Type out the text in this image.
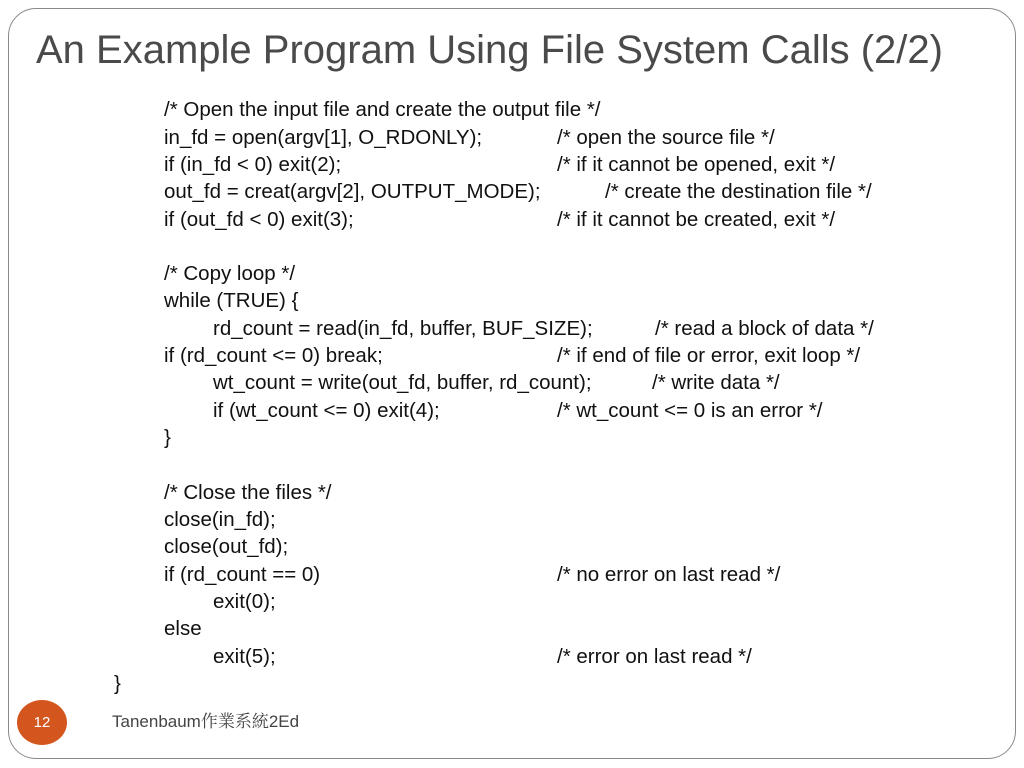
An Example Program Using File System Calls (2/2)
/* Open the input file and create the output file */
in_fd = open(argv[1], O_RDONLY);	/* open the source file */
if (in_fd < 0) exit(2);	/* if it cannot be opened, exit */
out_fd = creat(argv[2], OUTPUT_MODE);	/* create the destination file */
if (out_fd < 0) exit(3);	/* if it cannot be created, exit */
/* Copy loop */
while (TRUE) {
rd_count = read(in_fd, buffer, BUF_SIZE);	/* read a block of data */
if (rd_count <= 0) break;	/* if end of file or error, exit loop */
wt_count = write(out_fd, buffer, rd_count);	/* write data */
if (wt_count <= 0) exit(4);	/* wt_count <= 0 is an error */
}
/* Close the files */
close(in_fd);
close(out_fd);
if (rd_count == 0)	/* no error on last read */
exit(0);
else
exit(5);	/* error on last read */
}
12	Tanenbaum作業系統2Ed
